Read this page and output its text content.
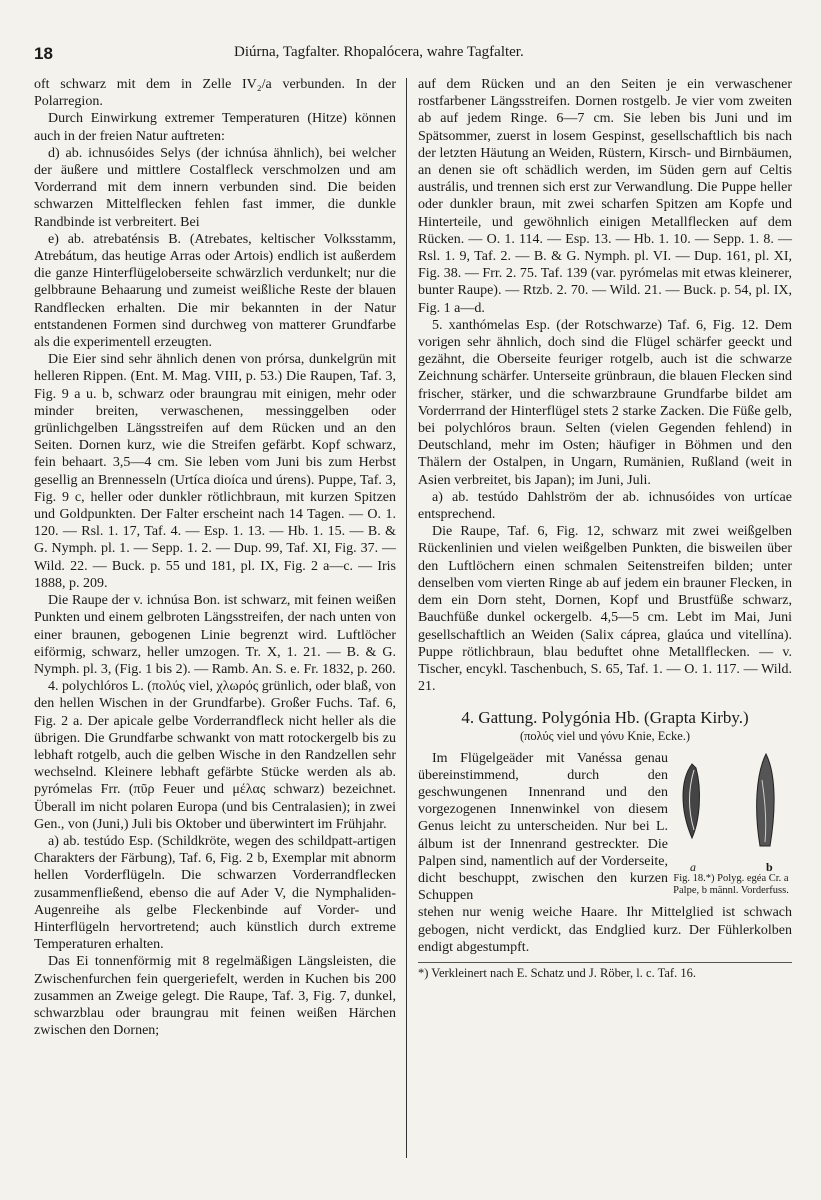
18	Diúrna, Tagfalter. Rhopalócera, wahre Tagfalter.

oft schwarz mit dem in Zelle IV₂/a verbunden. In der Polarregion.

Durch Einwirkung extremer Temperaturen (Hitze) können auch in der freien Natur auftreten:

d) ab. ichnusóides Selys (der ichnúsa ähnlich), bei welcher der äußere und mittlere Costalfleck verschmolzen und am Vorderrand mit dem innern verbunden sind. Die beiden schwarzen Mittelflecken fehlen fast immer, die dunkle Randbinde ist verbreitert. Bei

e) ab. atrebaténsis B. (Atrebates, keltischer Volksstamm, Atrebátum, das heutige Arras oder Artois) endlich ist außerdem die ganze Hinterflügeloberseite schwärzlich verdunkelt; nur die gelbbraune Behaarung und zumeist weißliche Reste der blauen Randflecken erhalten. Die mir bekannten in der Natur entstandenen Formen sind durchweg von matterer Grundfarbe als die experimentell erzeugten.

Die Eier sind sehr ähnlich denen von prórsa, dunkelgrün mit helleren Rippen. (Ent. M. Mag. VIII, p. 53.) Die Raupen, Taf. 3, Fig. 9 a u. b, schwarz oder braungrau mit einigen, mehr oder minder breiten, verwaschenen, messinggelben oder grünlichgelben Längsstreifen auf dem Rücken und an den Seiten. Dornen kurz, wie die Streifen gefärbt. Kopf schwarz, fein behaart. 3,5—4 cm. Sie leben vom Juni bis zum Herbst gesellig an Brennesseln (Urtíca dioíca und úrens). Puppe, Taf. 3, Fig. 9 c, heller oder dunkler rötlichbraun, mit kurzen Spitzen und Goldpunkten. Der Falter erscheint nach 14 Tagen. — O. 1. 120. — Rsl. 1. 17, Taf. 4. — Esp. 1. 13. — Hb. 1. 15. — B. & G. Nymph. pl. 1. — Sepp. 1. 2. — Dup. 99, Taf. XI, Fig. 37. — Wild. 22. — Buck. p. 55 und 181, pl. IX, Fig. 2 a—c. — Iris 1888, p. 209.

Die Raupe der v. ichnúsa Bon. ist schwarz, mit feinen weißen Punkten und einem gelbroten Längsstreifen, der nach unten von einer braunen, gebogenen Linie begrenzt wird. Luftlöcher eiförmig, schwarz, heller umzogen. Tr. X, 1. 21. — B. & G. Nymph. pl. 3, (Fig. 1 bis 2). — Ramb. An. S. e. Fr. 1832, p. 260.

4. polychlóros L. (πολύς viel, χλωρός grünlich, oder blaß, von den hellen Wischen in der Grundfarbe). Großer Fuchs. Taf. 6, Fig. 2 a. Der apicale gelbe Vorderrandfleck nicht heller als die übrigen. Die Grundfarbe schwankt von matt rotockergelb bis zu lebhaft rotgelb, auch die gelben Wische in den Randzellen sehr wechselnd. Kleinere lebhaft gefärbte Stücke werden als ab. pyrómelas Frr. (πῦρ Feuer und μέλας schwarz) bezeichnet. Überall im nicht polaren Europa (und bis Centralasien); in zwei Gen., von (Juni,) Juli bis Oktober und überwintert im Frühjahr.

a) ab. testúdo Esp. (Schildkröte, wegen des schildpatt-artigen Charakters der Färbung), Taf. 6, Fig. 2 b, Exemplar mit abnorm hellen Vorderflügeln. Die schwarzen Vorderrandflecken zusammenfließend, ebenso die auf Ader V, die Nymphaliden-Augenreihe als gelbe Fleckenbinde auf Vorder- und Hinterflügeln hervortretend; auch künstlich durch extreme Temperaturen erhalten.

Das Ei tonnenförmig mit 8 regelmäßigen Längsleisten, die Zwischenfurchen fein quergeriefelt, werden in Kuchen bis 200 zusammen an Zweige gelegt. Die Raupe, Taf. 3, Fig. 7, dunkel, schwarzblau oder braungrau mit feinen weißen Härchen zwischen den Dornen;

auf dem Rücken und an den Seiten je ein verwaschener rostfarbener Längsstreifen. Dornen rostgelb. Je vier vom zweiten ab auf jedem Ringe. 6—7 cm. Sie leben bis Juni und im Spätsommer, zuerst in losem Gespinst, gesellschaftlich bis nach der letzten Häutung an Weiden, Rüstern, Kirsch- und Birnbäumen, an denen sie oft schädlich werden, im Süden gern auf Celtis austrális, und trennen sich erst zur Verwandlung. Die Puppe heller oder dunkler braun, mit zwei scharfen Spitzen am Kopfe und Hinterteile, und gewöhnlich einigen Metallflecken auf dem Rücken. — O. 1. 114. — Esp. 13. — Hb. 1. 10. — Sepp. 1. 8. — Rsl. 1. 9, Taf. 2. — B. & G. Nymph. pl. VI. — Dup. 161, pl. XI, Fig. 38. — Frr. 2. 75. Taf. 139 (var. pyrómelas mit etwas kleinerer, bunter Raupe). — Rtzb. 2. 70. — Wild. 21. — Buck. p. 54, pl. IX, Fig. 1 a—d.

5. xanthómelas Esp. (der Rotschwarze) Taf. 6, Fig. 12. Dem vorigen sehr ähnlich, doch sind die Flügel schärfer geeckt und gezähnt, die Oberseite feuriger rotgelb, auch ist die schwarze Zeichnung schärfer. Unterseite grünbraun, die blauen Flecken sind frischer, stärker, und die schwarzbraune Grundfarbe bildet am Vorderrrand der Hinterflügel stets 2 starke Zacken. Die Füße gelb, bei polychlóros braun. Selten (vielen Gegenden fehlend) in Deutschland, mehr im Osten; häufiger in Böhmen und den Thälern der Ostalpen, in Ungarn, Rumänien, Rußland (weit in Asien verbreitet, bis Japan); im Juni, Juli.

a) ab. testúdo Dahlström der ab. ichnusóides von urtícae entsprechend.

Die Raupe, Taf. 6, Fig. 12, schwarz mit zwei weißgelben Rückenlinien und vielen weißgelben Punkten, die bisweilen über den Luftlöchern einen schmalen Seitenstreifen bilden; unter denselben vom vierten Ringe ab auf jedem ein brauner Flecken, in dem ein Dorn steht, Dornen, Kopf und Brustfüße schwarz, Bauchfüße dunkel ockergelb. 4,5—5 cm. Lebt im Mai, Juni gesellschaftlich an Weiden (Salix cáprea, glaúca und vitellína). Puppe rötlichbraun, blau beduftet ohne Metallflecken. — v. Tischer, encykl. Taschenbuch, S. 65, Taf. 1. — O. 1. 117. — Wild. 21.

4. Gattung. Polygónia Hb. (Grapta Kirby.)
(πολύς viel und γόνυ Knie, Ecke.)
a	b
Fig. 18.*) Polyg. egéa Cr. a Palpe, b männl. Vorderfuss.

Im Flügelgeäder mit Vanéssa genau übereinstimmend, durch den geschwungenen Innenrand und den vorgezogenen Innenwinkel von diesem Genus leicht zu unterscheiden. Nur bei L. álbum ist der Innenrand gestreckter. Die Palpen sind, namentlich auf der Vorderseite, dicht beschuppt, zwischen den kurzen Schuppen

stehen nur wenig weiche Haare. Ihr Mittelglied ist schwach gebogen, nicht verdickt, das Endglied kurz. Der Fühlerkolben endigt abgestumpft.

*) Verkleinert nach E. Schatz und J. Röber, l. c. Taf. 16.
